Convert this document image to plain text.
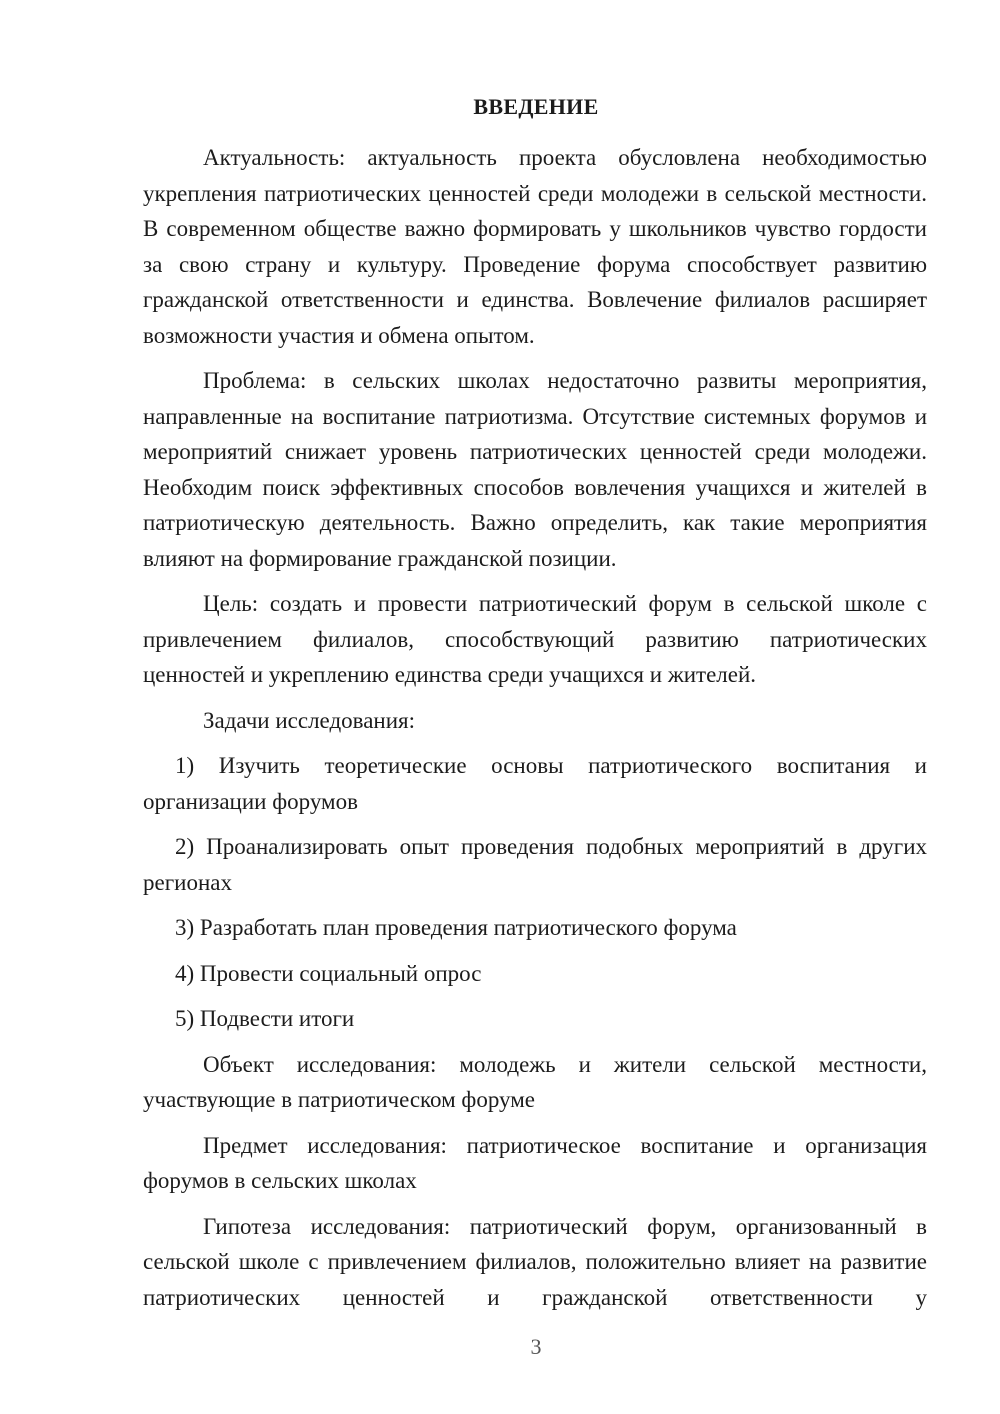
ВВЕДЕНИЕ

Актуальность: актуальность проекта обусловлена необходимостью укрепления патриотических ценностей среди молодежи в сельской местности. В современном обществе важно формировать у школьников чувство гордости за свою страну и культуру. Проведение форума способствует развитию гражданской ответственности и единства. Вовлечение филиалов расширяет возможности участия и обмена опытом.

Проблема: в сельских школах недостаточно развиты мероприятия, направленные на воспитание патриотизма. Отсутствие системных форумов и мероприятий снижает уровень патриотических ценностей среди молодежи. Необходим поиск эффективных способов вовлечения учащихся и жителей в патриотическую деятельность. Важно определить, как такие мероприятия влияют на формирование гражданской позиции.

Цель: создать и провести патриотический форум в сельской школе с привлечением филиалов, способствующий развитию патриотических ценностей и укреплению единства среди учащихся и жителей.

Задачи исследования:

1) Изучить теоретические основы патриотического воспитания и организации форумов

2) Проанализировать опыт проведения подобных мероприятий в других регионах

3) Разработать план проведения патриотического форума

4) Провести социальный опрос

5) Подвести итоги

Объект исследования: молодежь и жители сельской местности, участвующие в патриотическом форуме

Предмет исследования: патриотическое воспитание и организация форумов в сельских школах

Гипотеза исследования: патриотический форум, организованный в сельской школе с привлечением филиалов, положительно влияет на развитие патриотических ценностей и гражданской ответственности у

3
